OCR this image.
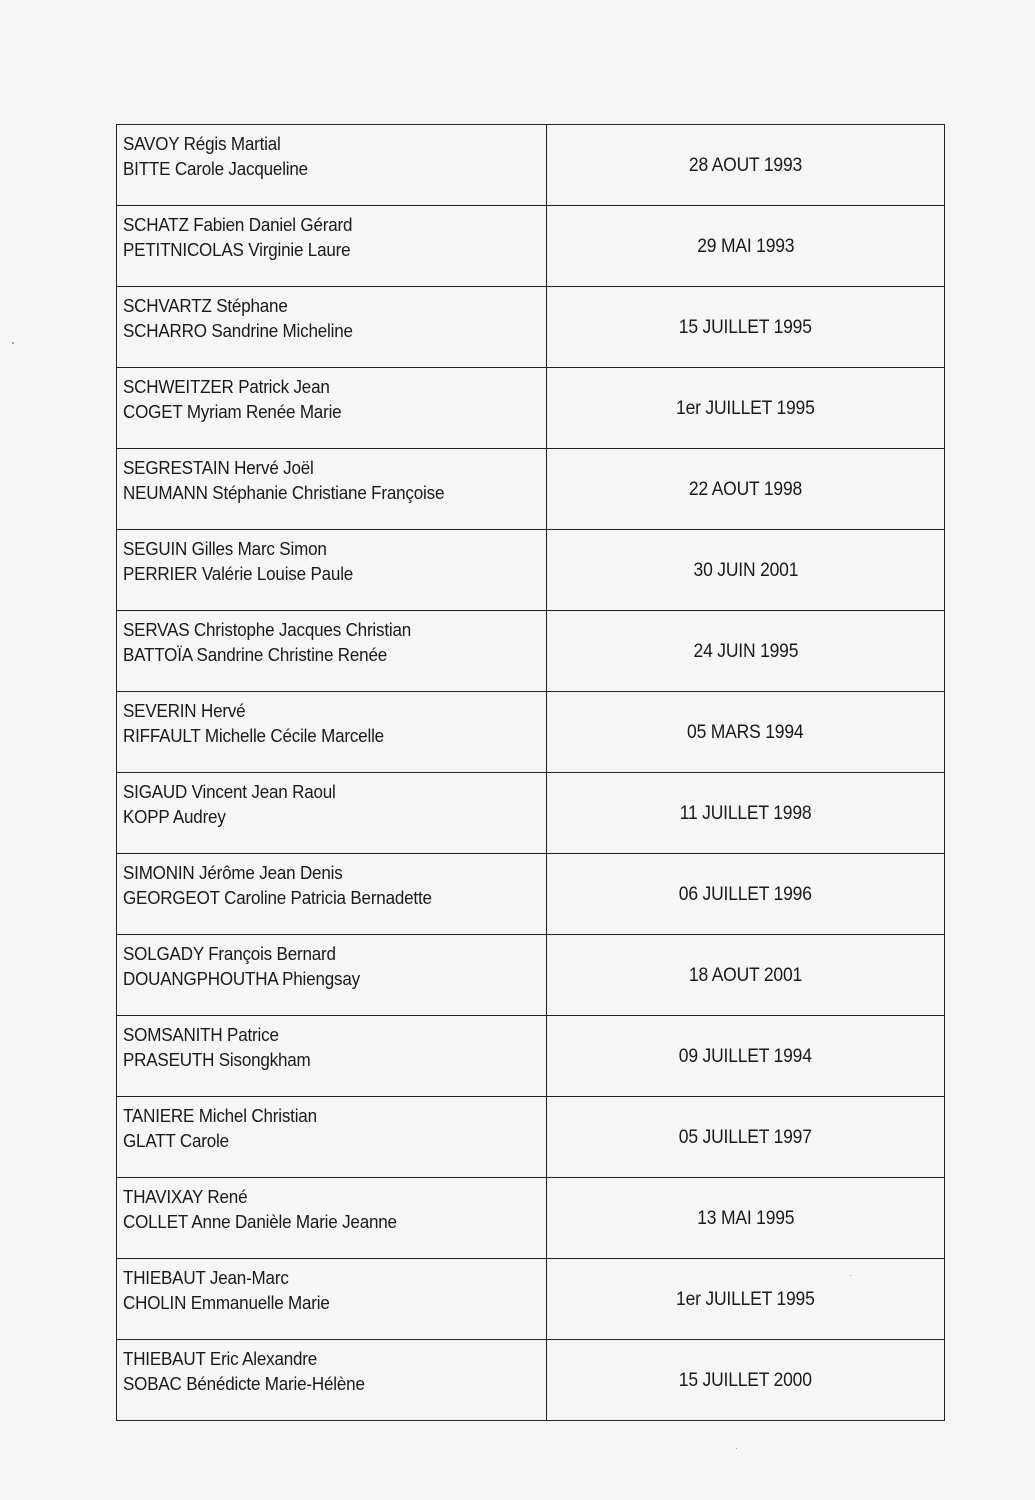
SAVOY Régis Martial
BITTE Carole Jacqueline	28 AOUT 1993

SCHATZ Fabien Daniel Gérard
PETITNICOLAS Virginie Laure	29 MAI 1993

SCHVARTZ Stéphane
SCHARRO Sandrine Micheline	15 JUILLET 1995

SCHWEITZER Patrick Jean
COGET Myriam Renée Marie	1er JUILLET 1995

SEGRESTAIN Hervé Joël
NEUMANN Stéphanie Christiane Françoise	22 AOUT 1998

SEGUIN Gilles Marc Simon
PERRIER Valérie Louise Paule	30 JUIN 2001

SERVAS Christophe Jacques Christian
BATTOÏA Sandrine Christine Renée	24 JUIN 1995

SEVERIN Hervé
RIFFAULT Michelle Cécile Marcelle	05 MARS 1994

SIGAUD Vincent Jean Raoul
KOPP Audrey	11 JUILLET 1998

SIMONIN Jérôme Jean Denis
GEORGEOT Caroline Patricia Bernadette	06 JUILLET 1996

SOLGADY François Bernard
DOUANGPHOUTHA Phiengsay	18 AOUT 2001

SOMSANITH Patrice
PRASEUTH Sisongkham	09 JUILLET 1994

TANIERE Michel Christian
GLATT Carole	05 JUILLET 1997

THAVIXAY René
COLLET Anne Danièle Marie Jeanne	13 MAI 1995

THIEBAUT Jean-Marc
CHOLIN Emmanuelle Marie	1er JUILLET 1995

THIEBAUT Eric Alexandre
SOBAC Bénédicte Marie-Hélène	15 JUILLET 2000
